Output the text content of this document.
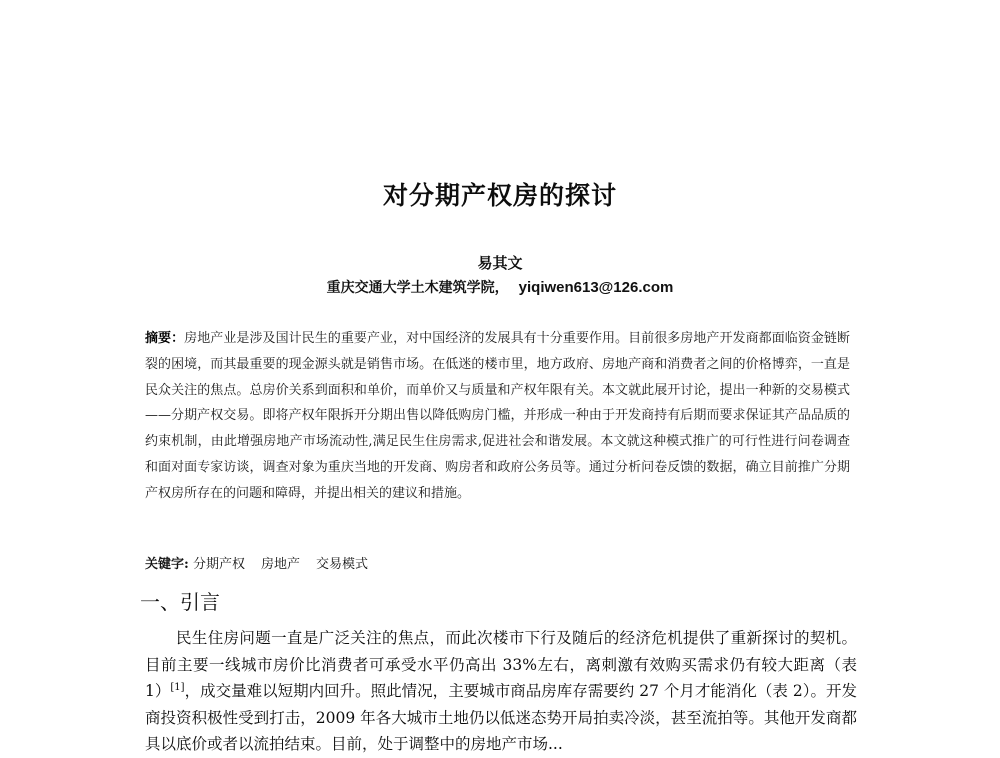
对分期产权房的探讨

易其文

重庆交通大学土木建筑学院， yiqiwen613@126.com

摘要：房地产业是涉及国计民生的重要产业，对中国经济的发展具有十分重要作用。目前很多房地产开发商都面临资金链断裂的困境，而其最重要的现金源头就是销售市场。在低迷的楼市里，地方政府、房地产商和消费者之间的价格博弈，一直是民众关注的焦点。总房价关系到面积和单价，而单价又与质量和产权年限有关。本文就此展开讨论，提出一种新的交易模式——分期产权交易。即将产权年限拆开分期出售以降低购房门槛，并形成一种由于开发商持有后期而要求保证其产品品质的约束机制，由此增强房地产市场流动性,满足民生住房需求,促进社会和谐发展。本文就这种模式推广的可行性进行问卷调查和面对面专家访谈，调查对象为重庆当地的开发商、购房者和政府公务员等。通过分析问卷反馈的数据，确立目前推广分期产权房所存在的问题和障碍，并提出相关的建议和措施。

关键字: 分期产权 房地产 交易模式

一、引言

民生住房问题一直是广泛关注的焦点，而此次楼市下行及随后的经济危机提供了重新探讨的契机。目前主要一线城市房价比消费者可承受水平仍高出 33%左右，离刺激有效购买需求仍有较大距离（表 1）[1]，成交量难以短期内回升。照此情况，主要城市商品房库存需要约 27 个月才能消化（表 2）。开发商投资积极性受到打击，2009 年各大城市土地仍以低迷态势开局拍卖冷淡，甚至流拍等。其他开发商都具以底价或者以流拍结束。目前，处于调整中的房地产市场...
